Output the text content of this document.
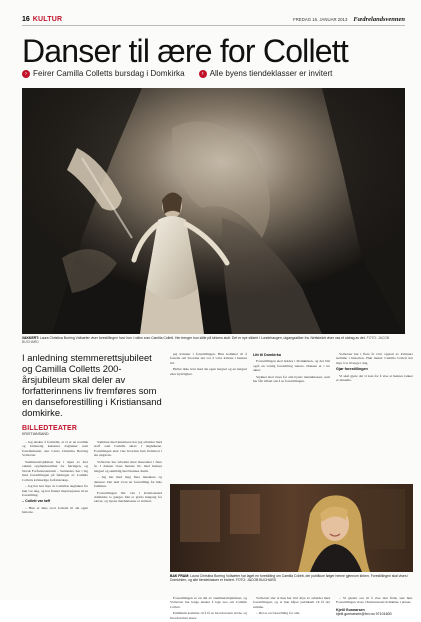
16 KULTUR	FREDAG 16. JANUAR 2013 Fædrelandsvennen
Danser til ære for Collett
› Feirer Camilla Colletts bursdag i Domkirka	› Alle byens tiendeklasser er invitert
VAKKERT: Laura Christina Borring Vollsæter viser forestillingen hvor hun i rollen som Camilla Collett. Her trenger hun stille på kirkens slutt. Det er nye sikkert i Lundehaugen, utgangsstiker fra. Nettstedet viser oss et utdrag av det. FOTO: JACOB BUCHARD

I anledning stemmerettsjubileet og Camilla Colletts 200-årsjubileum skal deler av forfatterinnens liv fremføres som en danseforestilling i Kristiansand domkirke.

BILLEDTEATER
KRISTIANSAND

– Jeg ønsker å formidle, at vi er en nordisk og kvinnelig kunstner dagbøker som fortellerkunst, sier Laura Christina Borring Vollsæter.

Stemmerettsjubileet har i løpet av året vekket oppmerksomhet for feiringen, og Norsk Forfattersentrum – Sørlandet, har i lag med forestillingen på feiringen av Camilla Colletts kvinnelige forfatterskap.

– Jeg har lest mye av Camillas dagbøker fra hun var ung, og har funnet inspirasjonen til en forestilling.

– Collett var tøff

– Hun er ikke stort forhold til sin egen historie.

Sammen med kunstnere har jeg arbeidet med stoff som Camilla skrev i dagbøkene. Fortellingen skal vise hvordan hun fremstod i sin ungdom.

Vollsæter har arbeidet med materialet i flere år. I dansen vises hennes liv, med hennes lengsel og samtidig med hennes drøm.

– Jeg har med meg flere musikere og dansere. Det skal være en forestilling for hele familien.

Forestillingen blir vist i Kristiansand domkirke to ganger. Det er gratis inngang for elever, og byens tiendeklasser er invitert.

jeg kvinner i forestillingen. Hun kommer til å fortelle om hvordan det var å være kvinne i hennes tid.

Heller ikke leve med sin egen lengsel og en lengsel etter kjærlighet.

Litt til Domkirka

Forestillingen skal holdes i Domkirken, og det blir også en vanlig forestilling senere. Dansen er i tre akter.

Stykket skal vises for alle byens tiendeklasser, som har fått tilbud om å se forestillingen.

Vollsæter har i flere år vært opptatt av kvinners stemme i historien. Hun mener Camilla Collett har mye å si til unge i dag.

Gjør forestillingen

Vi skal gjøre det vi kan for å vise at hennes tanker er aktuelle.

BAK FRAM: Laura Christina Borring Vollsæter har laget en forestilling om Camilla Collett, der publikum følger henne gjennom kirken. Forestillingen skal vises i Domkirken, og alle tiendeklasser er invitert. FOTO: JACOB BUCHARD

Forestillingen er en del av stemmerettsjubileet, og Vollsæter har lenge ønsket å lage noe om Camilla Collett.

Publikum kommer til å få se hvordan hun levde, og hvordan hun skrev.

Vollsæter sier at hun har lært mye av arbeidet med forestillingen, og at hun håper publikum vil få det samme.

– Det er en forestilling for alle.

– Vi gleder oss til å vise den fram, sier hun. Forestillingen vises i Kristiansand domkirke i januar.

Kjetil Gunnarsen
kjetil.gunnarsen@fvn.no 97101600
